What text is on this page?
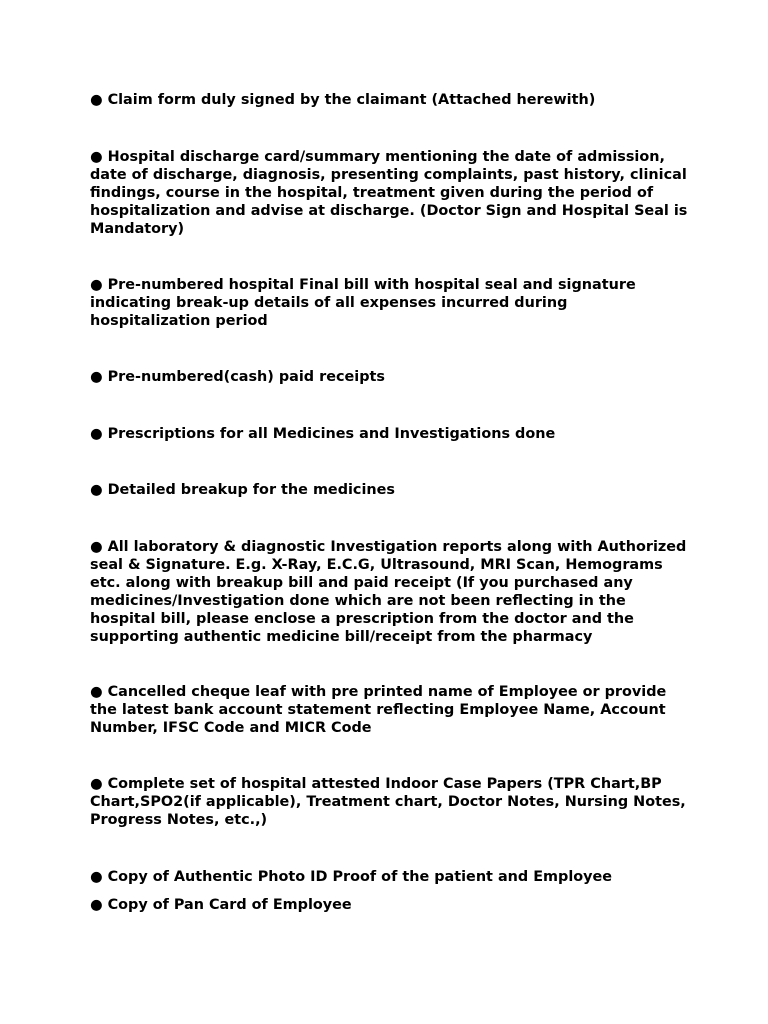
● Claim form duly signed by the claimant (Attached herewith)

● Hospital discharge card/summary mentioning the date of admission, date of discharge, diagnosis, presenting complaints, past history, clinical findings, course in the hospital, treatment given during the period of hospitalization and advise at discharge. (Doctor Sign and Hospital Seal is Mandatory)

● Pre-numbered hospital Final bill with hospital seal and signature indicating break-up details of all expenses incurred during hospitalization period

● Pre-numbered(cash) paid receipts

● Prescriptions for all Medicines and Investigations done

● Detailed breakup for the medicines

● All laboratory & diagnostic Investigation reports along with Authorized seal & Signature. E.g. X-Ray, E.C.G, Ultrasound, MRI Scan, Hemograms etc. along with breakup bill and paid receipt (If you purchased any medicines/Investigation done which are not been reflecting in the hospital bill, please enclose a prescription from the doctor and the supporting authentic medicine bill/receipt from the pharmacy

● Cancelled cheque leaf with pre printed name of Employee or provide the latest bank account statement reflecting Employee Name, Account Number, IFSC Code and MICR Code

● Complete set of hospital attested Indoor Case Papers (TPR Chart,BP Chart,SPO2(if applicable), Treatment chart, Doctor Notes, Nursing Notes, Progress Notes, etc.,)

● Copy of Authentic Photo ID Proof of the patient and Employee

● Copy of Pan Card of Employee
